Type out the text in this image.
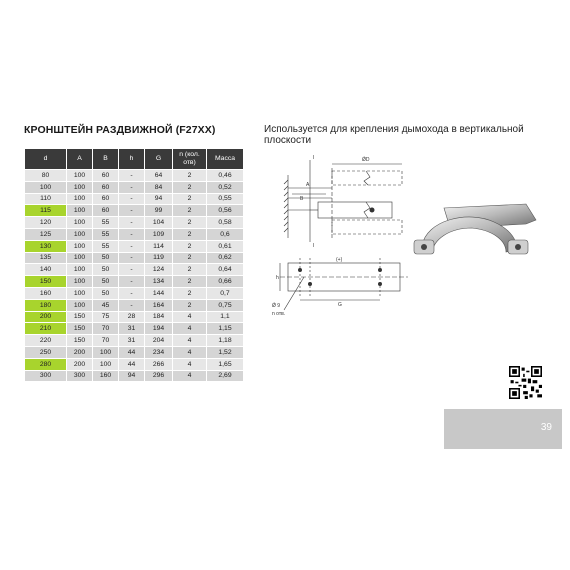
КРОНШТЕЙН РАЗДВИЖНОЙ (F27XX)	Используется для крепления дымохода в вертикальной плоскости
d	A	B	h	G	n (кол. отв)	Масса
80	100	60	-	64	2	0,46
100	100	60	-	84	2	0,52
110	100	60	-	94	2	0,55
115	100	60	-	99	2	0,56
120	100	55	-	104	2	0,58
125	100	55	-	109	2	0,6
130	100	55	-	114	2	0,61
135	100	50	-	119	2	0,62
140	100	50	-	124	2	0,64
150	100	50	-	134	2	0,66
160	100	50	-	144	2	0,7
180	100	45	-	164	2	0,75
200	150	75	28	184	4	1,1
210	150	70	31	194	4	1,15
220	150	70	31	204	4	1,18
250	200	100	44	234	4	1,52
280	200	100	44	266	4	1,65
300	300	160	94	296	4	2,69
ǾD
A
B
I
I
(+)
h
G
Ǿ 9
n отв.
39
